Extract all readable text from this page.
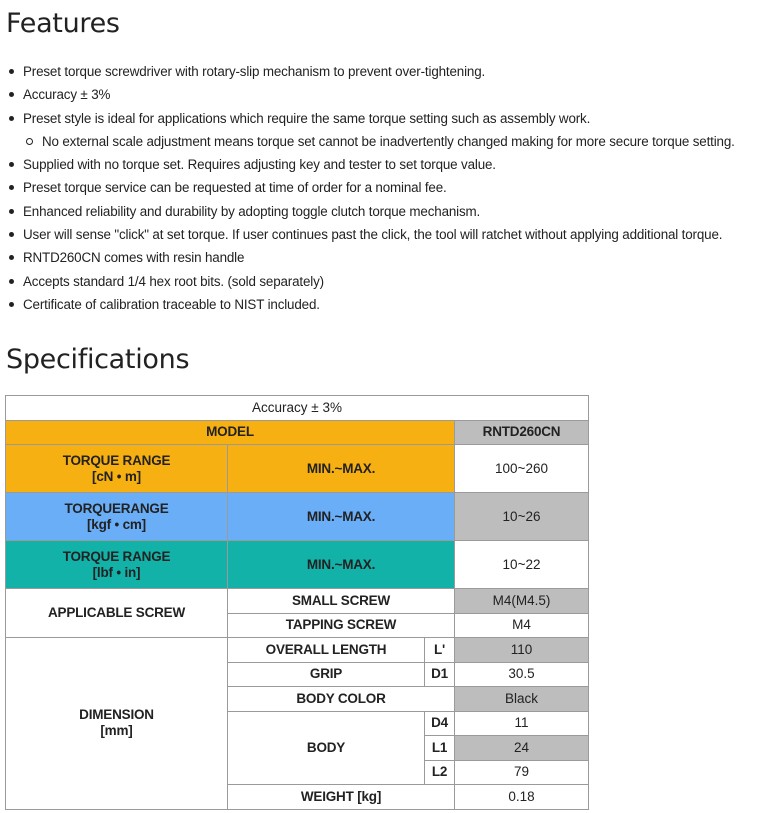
Features
Preset torque screwdriver with rotary-slip mechanism to prevent over-tightening.
Accuracy ± 3%
Preset style is ideal for applications which require the same torque setting such as assembly work.
No external scale adjustment means torque set cannot be inadvertently changed making for more secure torque setting.
Supplied with no torque set. Requires adjusting key and tester to set torque value.
Preset torque service can be requested at time of order for a nominal fee.
Enhanced reliability and durability by adopting toggle clutch torque mechanism.
User will sense "click" at set torque. If user continues past the click, the tool will ratchet without applying additional torque.
RNTD260CN comes with resin handle
Accepts standard 1/4 hex root bits. (sold separately)
Certificate of calibration traceable to NIST included.
Specifications
Accuracy ± 3%			
MODEL			RNTD260CN
TORQUE RANGE
[cN • m]	MIN.~MAX.		100~260
TORQUERANGE
[kgf • cm]	MIN.~MAX.		10~26
TORQUE RANGE
[lbf • in]	MIN.~MAX.		10~22
APPLICABLE SCREW	SMALL SCREW		M4(M4.5)
	TAPPING SCREW		M4
DIMENSION
[mm]	OVERALL LENGTH	L'	110
	GRIP	D1	30.5
	BODY COLOR		Black
	BODY	D4	11
		L1	24
		L2	79
	WEIGHT [kg]		0.18
